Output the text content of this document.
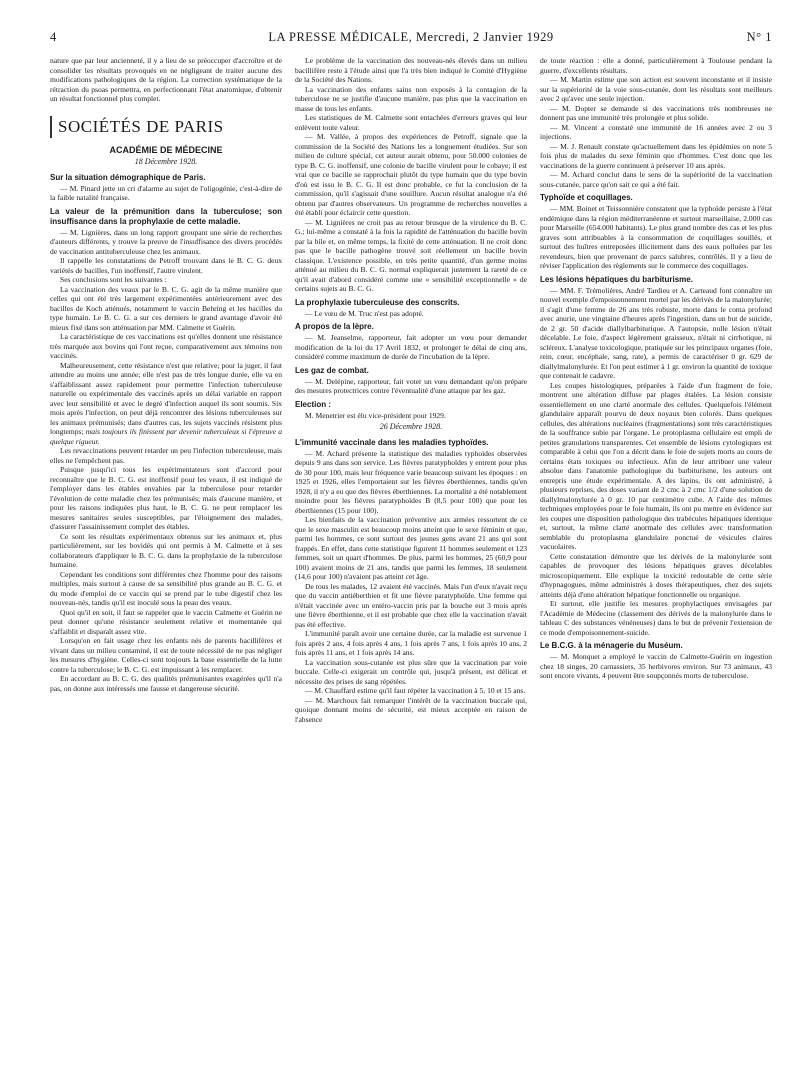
4	LA PRESSE MÉDICALE, Mercredi, 2 Janvier 1929	N° 1

nature que par leur ancienneté, il y a lieu de se préoccuper d'accroître et de consolider les résultats provoqués en ne négligeant de traiter aucune des modifications pathologiques de la région. La correction systématique de la rétraction du psoas permettra, en perfectionnant l'état anatomique, d'obtenir un résultat fonctionnel plus complet.

SOCIÉTÉS DE PARIS
ACADÉMIE DE MÉDECINE
18 Décembre 1928.
Sur la situation démographique de Paris.

— M. Pinard jette un cri d'alarme au sujet de l'oligogénie, c'est-à-dire de la faible natalité française.

La valeur de la prémunition dans la tuberculose; son insuffisance dans la prophylaxie de cette maladie.

— M. Lignières, dans un long rapport groupant une série de recherches d'auteurs différents, y trouve la preuve de l'insuffisance des divers procédés de vaccination antituberculeuse chez les animaux.

Il rappelle les constatations de Petroff trouvant dans le B. C. G. deux variétés de bacilles, l'un inoffensif, l'autre virulent.

Ses conclusions sont les suivantes :

La vaccination des veaux par le B. C. G. agit de la même manière que celles qui ont été très largement expérimentées antérieurement avec des bacilles de Koch atténués, notamment le vaccin Behring et les bacilles du type humain. Le B. C. G. a sur ces derniers le grand avantage d'avoir été mieux fixé dans son atténuation par MM. Calmette et Guérin.

La caractéristique de ces vaccinations est qu'elles donnent une résistance très marquée aux bovins qui l'ont reçue, comparativement aux témoins non vaccinés.

Malheureusement, cette résistance n'est que relative; pour la juger, il faut attendre au moins une année; elle n'est pas de très longue durée, elle va en s'affaiblissant assez rapidement pour permettre l'infection tuberculeuse naturelle ou expérimentale des vaccinés après un délai variable en rapport avec leur sensibilité et avec le degré d'infection auquel ils sont soumis. Six mois après l'infection, on peut déjà rencontrer des lésions tuberculeuses sur les animaux prémunisés; dans d'autres cas, les sujets vaccinés résistent plus longtemps; mais toujours ils finissent par devenir tuberculeux si l'épreuve a quelque rigueur.

Les revaccinations peuvent retarder un peu l'infection tuberculeuse, mais elles ne l'empêchent pas.

Puisque jusqu'ici tous les expérimentateurs sont d'accord pour reconnaître que le B. C. G. est inoffensif pour les veaux, il est indiqué de l'employer dans les étables envahies par la tuberculose pour retarder l'évolution de cette maladie chez les prémunisés; mais d'aucune manière, et pour les raisons indiquées plus haut, le B. C. G. ne peut remplacer les mesures sanitaires seules susceptibles, par l'éloignement des malades, d'assurer l'assainissement complet des étables.

Ce sont les résultats expérimentaux obtenus sur les animaux et, plus particulièrement, sur les bovidés qui ont permis à M. Calmette et à ses collaborateurs d'appliquer le B. C. G. dans la prophylaxie de la tuberculose humaine.

Cependant les conditions sont différentes chez l'homme pour des raisons multiples, mais surtout à cause de sa sensibilité plus grande au B. C. G. et du mode d'emploi de ce vaccin qui se prend par le tube digestif chez les nouveau-nés, tandis qu'il est inoculé sous la peau des veaux.

Quoi qu'il en soit, il faut se rappeler que le vaccin Calmette et Guérin ne peut donner qu'une résistance seulement relative et momentanée qui s'affaiblit et disparaît assez vite.

Lorsqu'on en fait usage chez les enfants nés de parents bacillifères et vivant dans un milieu contaminé, il est de toute nécessité de ne pas négliger les mesures d'hygiène. Celles-ci sont toujours la base essentielle de la lutte contre la tuberculose; le B. C. G. est impuissant à les remplacer.

En accordant au B. C. G. des qualités prémunisantes exagérées qu'il n'a pas, on donne aux intéressés une fausse et dangereuse sécurité.

Le problème de la vaccination des nouveau-nés élevés dans un milieu bacillifère reste à l'étude ainsi que l'a très bien indiqué le Comité d'Hygiène de la Société des Nations.

La vaccination des enfants sains non exposés à la contagion de la tuberculose ne se justifie d'aucune manière, pas plus que la vaccination en masse de tous les enfants.

Les statistiques de M. Calmette sont entachées d'erreurs graves qui leur enlèvent toute valeur.

— M. Vallée, à propos des expériences de Petroff, signale que la commission de la Société des Nations les a longuement étudiées. Sur son milieu de culture spécial, cet auteur aurait obtenu, pour 50.000 colonies de type B. C. G. inoffensif, une colonie de bacille virulent pour le cobaye; il est vrai que ce bacille se rapprochait plutôt du type humain que du type bovin d'où est issu le B. C. G. Il est donc probable, ce fut la conclusion de la commission, qu'il s'agissait d'une souillure. Aucun résultat analogue n'a été obtenu par d'autres observateurs. Un programme de recherches nouvelles a été établi pour éclaircir cette question.

— M. Lignières ne croit pas au retour brusque de la virulence du B. C. G.; lui-même a constaté à la fois la rapidité de l'atténuation du bacille bovin par la bile et, en même temps, la fixité de cette atténuation. Il ne croit donc pas que le bacille pathogène trouvé soit réellement un bacille bovin classique. L'existence possible, en très petite quantité, d'un germe moins atténué au milieu du B. C. G. normal expliquerait justement la rareté de ce qu'il avait d'abord considéré comme une « sensibilité exceptionnelle » de certains sujets au B. C. G.

La prophylaxie tuberculeuse des conscrits.

— Le vœu de M. Truc n'est pas adopté.

A propos de la lèpre.

— M. Jeanselme, rapporteur, fait adopter un vœu pour demander modification de la loi du 17 Avril 1832, et prolonger le délai de cinq ans, considéré comme maximum de durée de l'incubation de la lèpre.

Les gaz de combat.

— M. Delépine, rapporteur, fait voter un vœu demandant qu'on prépare des mesures protectrices contre l'éventualité d'une attaque par les gaz.

Election :

M. Menetrier est élu vice-président pour 1929.

26 Décembre 1928.
L'immunité vaccinale dans les maladies typhoïdes.

— M. Achard présente la statistique des maladies typhoïdes observées depuis 9 ans dans son service. Les fièvres paratyphoïdes y entrent pour plus de 30 pour 100, mais leur fréquence varie beaucoup suivant les époques : en 1925 et 1926, elles l'emportaient sur les fièvres éberthiennes, tandis qu'en 1928, il n'y a eu que des fièvres éberthiennes. La mortalité a été notablement moindre pour les fièvres paratyphoïdes B (8,5 pour 100) que pour les éberthiennes (15 pour 100).

Les bienfaits de la vaccination préventive aux armées ressortent de ce que le sexe masculin est beaucoup moins atteint que le sexe féminin et que, parmi les hommes, ce sont surtout des jeunes gens avant 21 ans qui sont frappés. En effet, dans cette statistique figurent 11 hommes seulement et 123 femmes, soit un quart d'hommes. De plus, parmi les hommes, 25 (60,9 pour 100) avaient moins de 21 ans, tandis que parmi les femmes, 18 seulement (14,6 pour 100) n'avaient pas atteint cet âge.

De tous les malades, 12 avaient été vaccinés. Mais l'un d'eux n'avait reçu que du vaccin antiéberthien et fit une fièvre paratyphoïde. Une femme qui n'était vaccinée avec un entéro-vaccin pris par la bouche eut 3 mois après une fièvre éberthienne, et il est probable que chez elle la vaccination n'avait pas été effective.

L'immunité paraît avoir une certaine durée, car la maladie est survenue 1 fois après 2 ans, 4 fois après 4 ans, 1 fois après 7 ans, 1 fois après 10 ans, 2 fois après 11 ans, et 1 fois après 14 ans.

La vaccination sous-cutanée est plus sûre que la vaccination par voie buccale. Celle-ci exigerait un contrôle qui, jusqu'à présent, est délicat et nécessite des prises de sang répétées.

— M. Chauffard estime qu'il faut répéter la vaccination à 5, 10 et 15 ans.

— M. Marchoux fait remarquer l'intérêt de la vaccination buccale qui, quoique donnant moins de sécurité, est mieux acceptée en raison de l'absence

de toute réaction : elle a donné, particulièrement à Toulouse pendant la guerre, d'excellents résultats.

— M. Martin estime que son action est souvent inconstante et il insiste sur la supériorité de la voie sous-cutanée, dont les résultats sont meilleurs avec 2 qu'avec une seule injection.

— M. Dopter se demande si des vaccinations très nombreuses ne donnent pas une immunité très prolongée et plus solide.

— M. Vincent a constaté une immunité de 16 années avec 2 ou 3 injections.

— M. J. Renault constate qu'actuellement dans les épidémies on note 5 fois plus de malades du sexe féminin que d'hommes. C'est donc que les vaccinations de la guerre continuent à préserver 10 ans après.

— M. Achard conclut dans le sens de la supériorité de la vaccination sous-cutanée, parce qu'on sait ce qui a été fait.

Typhoïde et coquillages.

— MM. Boinet et Teissonnière constatent que la typhoïde persiste à l'état endémique dans la région méditerranéenne et surtout marseillaise, 2.000 cas pour Marseille (654.000 habitants). Le plus grand nombre des cas et les plus graves sont attribuables à la consommation de coquillages souillés, et surtout des huîtres entreposées illicitement dans des eaux polluées par les revendeurs, bien que provenant de parcs salubres, contrôlés. Il y a lieu de réviser l'application des règlements sur le commerce des coquillages.

Les lésions hépatiques du barbiturisme.

— MM. F. Trémolières, André Tardieu et A. Carteaud font connaître un nouvel exemple d'empoisonnement mortel par les dérivés de la malonylurée; il s'agit d'une femme de 26 ans très robuste, morte dans le coma profond avec anurie, une vingtaine d'heures après l'ingestion, dans un but de suicide, de 2 gr. 50 d'acide diallylbarbiturique. A l'autopsie, nulle lésion n'était décelable. Le foie, d'aspect légèrement graisseux, n'était ni cirrhotique, ni scléreux. L'analyse toxicologique, pratiquée sur les principaux organes (foie, rein, cœur, encéphale, sang, rate), a permis de caractériser 0 gr. 629 de diallylmalonylurée. Et l'on peut estimer à 1 gr. environ la quantité de toxique que contenait le cadavre.

Les coupes histologiques, préparées à l'aide d'un fragment de foie, montrent une altération diffuse par plages étalées. La lésion consiste essentiellement en une clarté anormale des cellules. Quelquefois l'élément glandulaire apparaît pourvu de deux noyaux bien colorés. Dans quelques cellules, des altérations nucléaires (fragmentations) sont très caractéristiques de la souffrance subie par l'organe. Le protoplasma cellulaire est empli de petites granulations transparentes. Cet ensemble de lésions cytologiques est comparable à celui que l'on a décrit dans le foie de sujets morts au cours de certains états toxiques ou infectieux. Afin de leur attribuer une valeur absolue dans l'anatomie pathologique du barbiturisme, les auteurs ont entrepris une étude expérimentale. A des lapins, ils ont administré, à plusieurs reprises, des doses variant de 2 cmc à 2 cmc 1/2 d'une solution de diallylmalonylurée à 0 gr. 10 par centimètre cube. A l'aide des mêmes techniques employées pour le foie humain, ils ont pu mettre en évidence sur les coupes une disposition pathologique des trabécules hépatiques identique et, surtout, la même clarté anormale des cellules avec transformation semblable du protoplasma glandulaire ponctué de vésicules claires vacuolaires.

Cette constatation démontre que les dérivés de la malonylurée sont capables de provoquer des lésions hépatiques graves décelables microscopiquement. Elle explique la toxicité redoutable de cette série d'hypnagogues, même administrés à doses thérapeutiques, chez des sujets atteints déjà d'une altération hépatique fonctionnelle ou organique.

Et surtout, elle justifie les mesures prophylactiques envisagées par l'Académie de Médecine (classement des dérivés de la malonylurée dans le tableau C des substances vénéneuses) dans le but de prévenir l'extension de ce mode d'empoisonnement-suicide.

Le B.C.G. à la ménagerie du Muséum.

— M. Monquet a employé le vaccin de Calmette-Guérin en ingestion chez 18 singes, 20 carnassiers, 35 herbivores environ. Sur 73 animaux, 43 sont encore vivants, 4 peuvent être soupçonnés morts de tuberculose.
